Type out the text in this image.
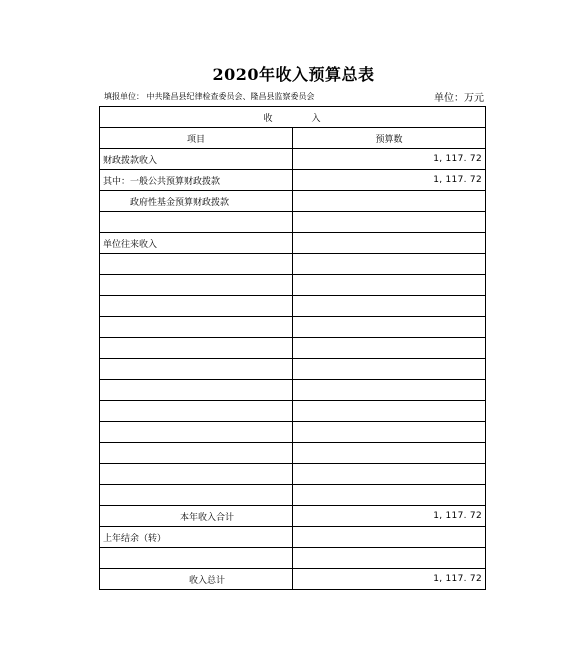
2020年收入预算总表
填报单位： 中共隆昌县纪律检查委员会、隆昌县监察委员会	单位：万元
收 入	
项目	预算数
财政拨款收入	1, 117. 72
其中：一般公共预算财政拨款	1, 117. 72
政府性基金预算财政拨款	

单位往来收入	

本年收入合计	1, 117. 72
上年结余（转）	

收入总计	1, 117. 72
